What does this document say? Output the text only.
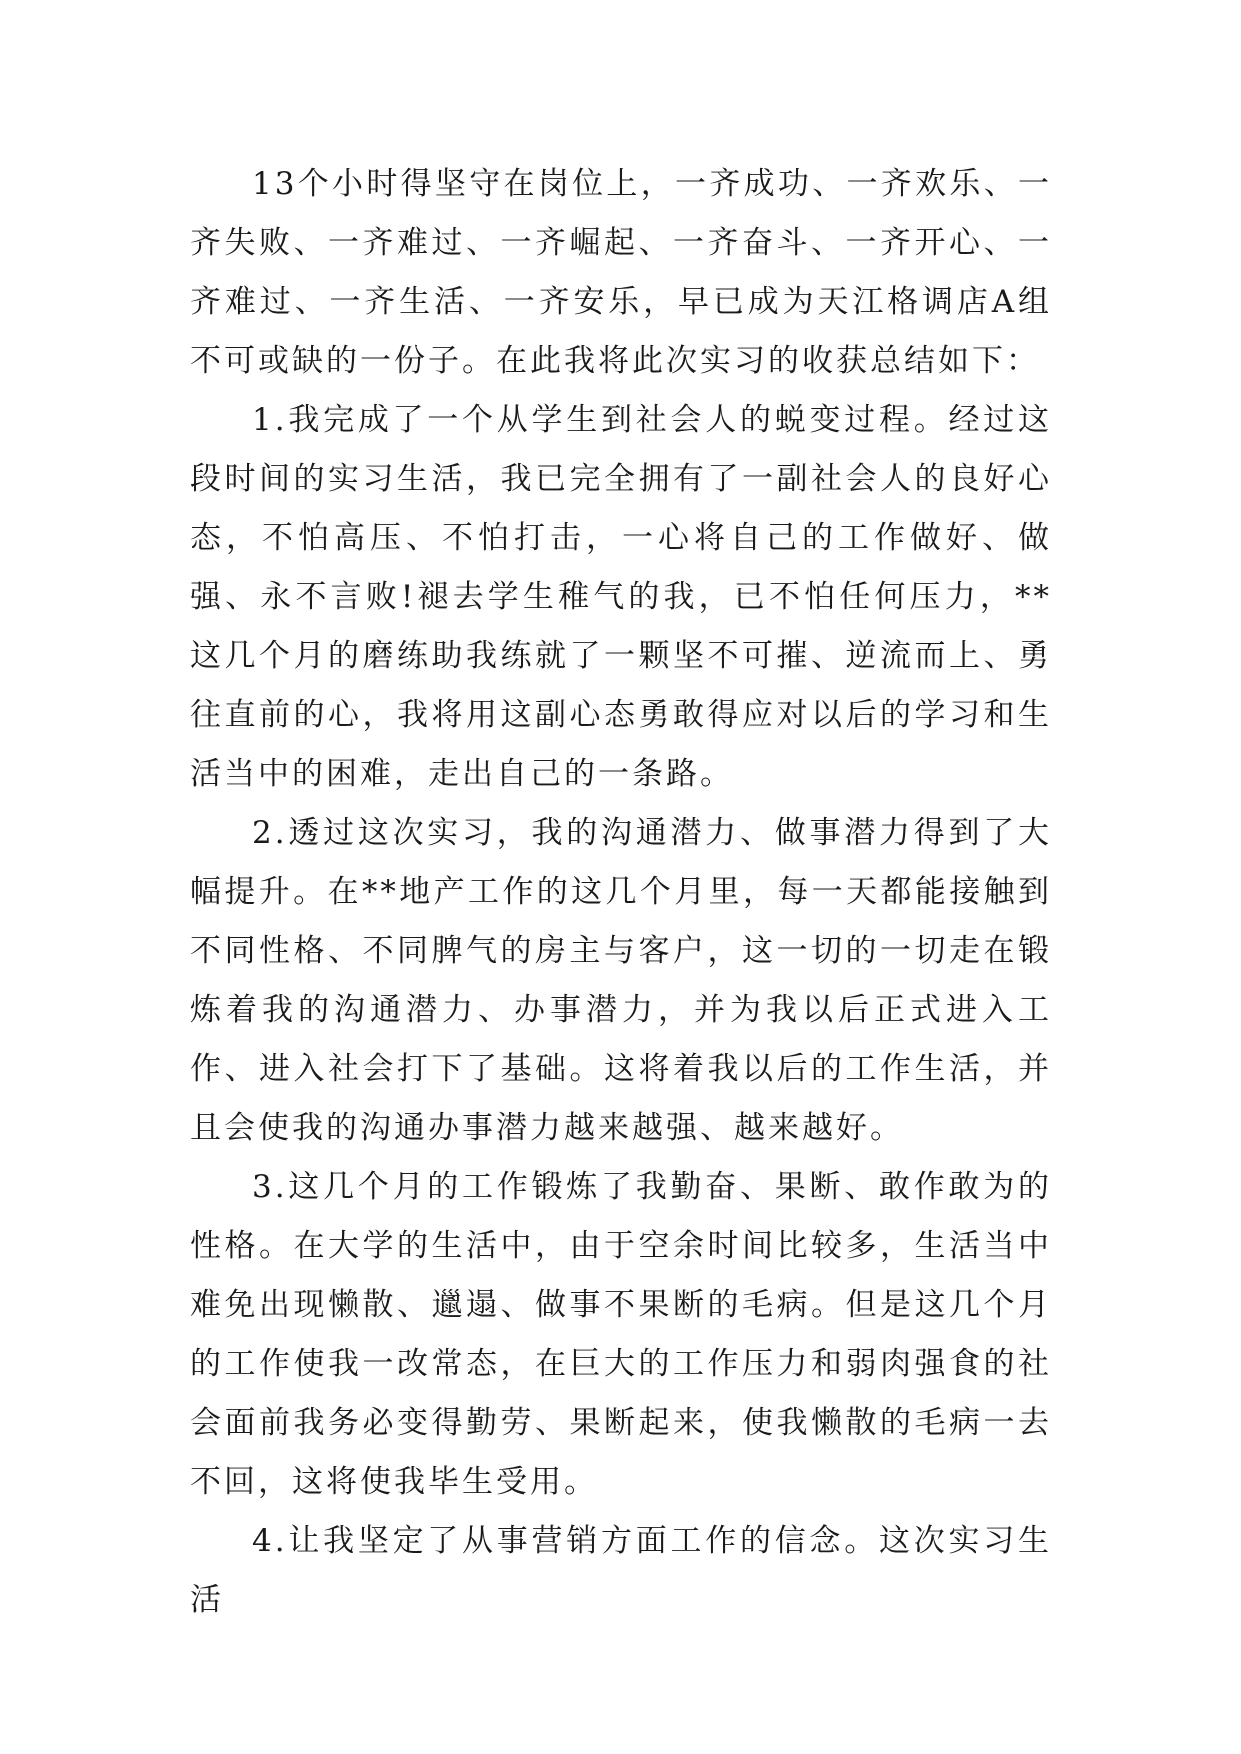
13个小时得坚守在岗位上，一齐成功、一齐欢乐、一齐失败、一齐难过、一齐崛起、一齐奋斗、一齐开心、一齐难过、一齐生活、一齐安乐，早已成为天江格调店A组不可或缺的一份子。在此我将此次实习的收获总结如下：

1.我完成了一个从学生到社会人的蜕变过程。经过这段时间的实习生活，我已完全拥有了一副社会人的良好心态，不怕高压、不怕打击，一心将自己的工作做好、做强、永不言败!褪去学生稚气的我，已不怕任何压力，**这几个月的磨练助我练就了一颗坚不可摧、逆流而上、勇往直前的心，我将用这副心态勇敢得应对以后的学习和生活当中的困难，走出自己的一条路。

2.透过这次实习，我的沟通潜力、做事潜力得到了大幅提升。在**地产工作的这几个月里，每一天都能接触到不同性格、不同脾气的房主与客户，这一切的一切走在锻炼着我的沟通潜力、办事潜力，并为我以后正式进入工作、进入社会打下了基础。这将着我以后的工作生活，并且会使我的沟通办事潜力越来越强、越来越好。

3.这几个月的工作锻炼了我勤奋、果断、敢作敢为的性格。在大学的生活中，由于空余时间比较多，生活当中难免出现懒散、邋遢、做事不果断的毛病。但是这几个月的工作使我一改常态，在巨大的工作压力和弱肉强食的社会面前我务必变得勤劳、果断起来，使我懒散的毛病一去不回，这将使我毕生受用。

4.让我坚定了从事营销方面工作的信念。这次实习生活
